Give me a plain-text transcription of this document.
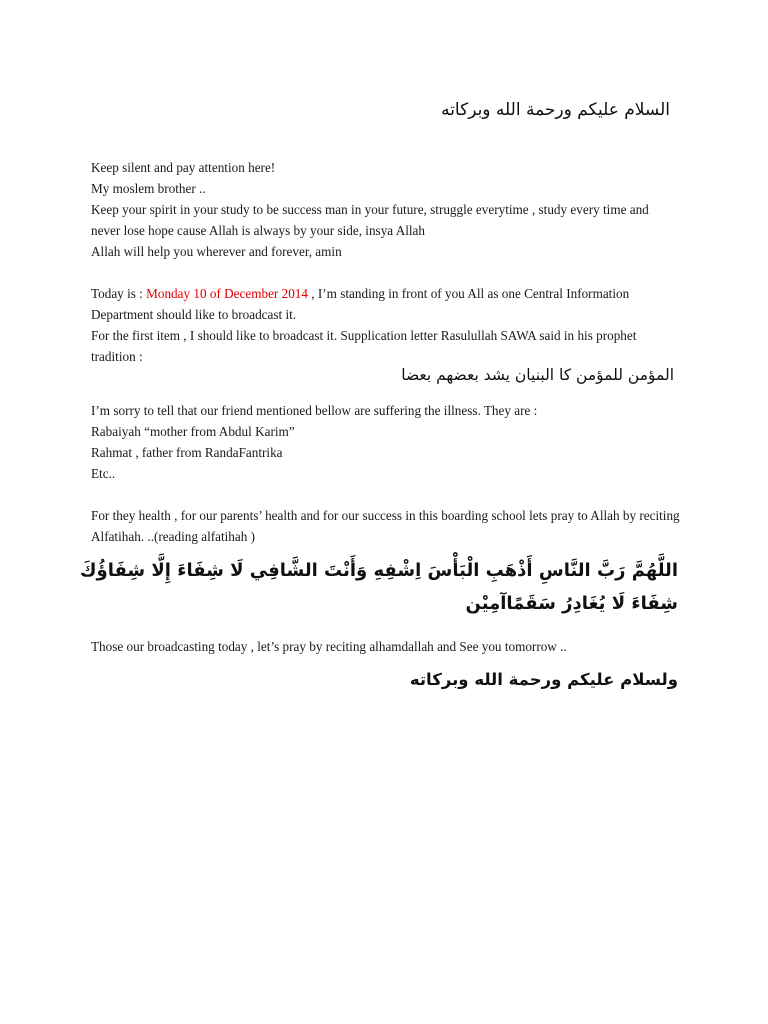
السلام عليكم ورحمة الله وبركاته

Keep silent and pay attention here!

My moslem brother ..

Keep your spirit in your study to be success man in your future, struggle everytime , study every time and never lose hope cause Allah is always by your side, insya Allah

Allah will help you wherever and forever, amin

Today is : Monday 10 of December 2014 , I’m standing in front of you All as one Central Information Department should like to broadcast it.

For the first item , I should like to broadcast it. Supplication letter Rasulullah SAWA said in his prophet tradition :

المؤمن للمؤمن كا البنيان يشد بعضهم بعضا

I’m sorry to tell that our friend mentioned bellow are suffering the illness. They are :

Rabaiyah “mother from Abdul Karim”

Rahmat , father from RandaFantrika

Etc..

For they health , for our parents’ health and for our success in this boarding school lets pray to Allah by reciting Alfatihah. ..(reading alfatihah )

اللَّهُمَّ رَبَّ النَّاسِ أَذْهَبِ الْبَأْسَ اِشْفِهِ وَأَنْتَ الشَّافِي لَا شِفَاءَ إِلَّا شِفَاؤُكَ
شِفَاءَ لَا يُغَادِرُ سَقَمًاآمِيْن

Those our broadcasting today , let’s pray by reciting alhamdallah and See you tomorrow ..

ولسلام عليكم ورحمة الله وبركاته
